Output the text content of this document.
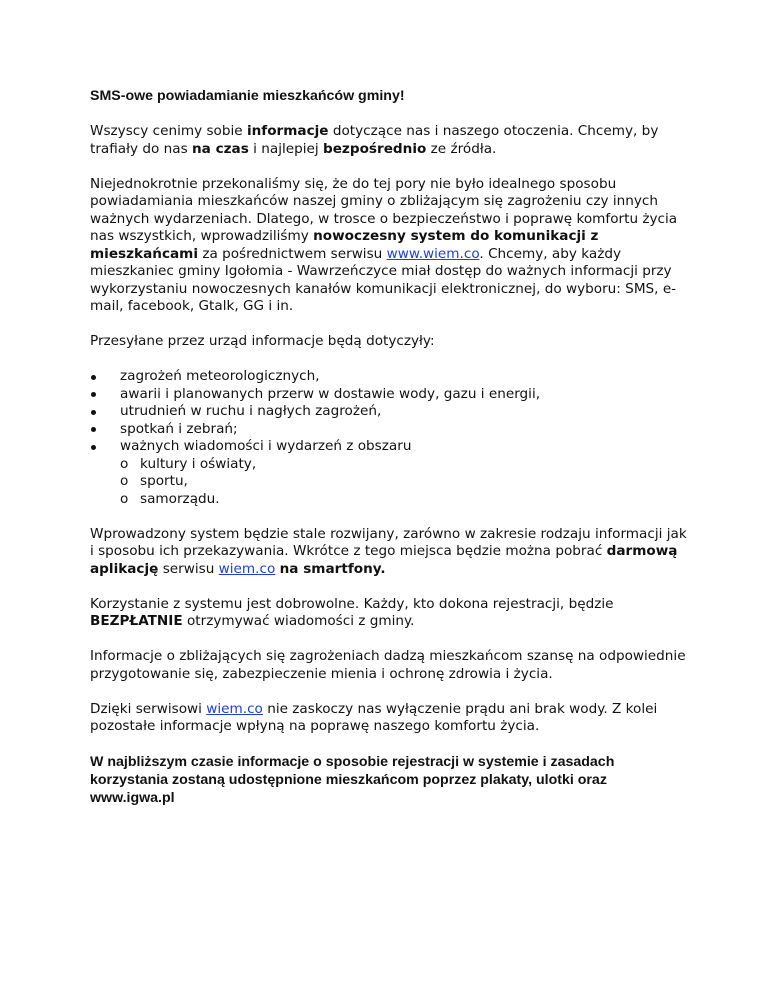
SMS-owe powiadamianie mieszkańców gminy!

Wszyscy cenimy sobie informacje dotyczące nas i naszego otoczenia. Chcemy, by trafiały do nas na czas i najlepiej bezpośrednio ze źródła.

Niejednokrotnie przekonaliśmy się, że do tej pory nie było idealnego sposobu powiadamiania mieszkańców naszej gminy o zbliżającym się zagrożeniu czy innych ważnych wydarzeniach. Dlatego, w trosce o bezpieczeństwo i poprawę komfortu życia nas wszystkich, wprowadziliśmy nowoczesny system do komunikacji z mieszkańcami za pośrednictwem serwisu www.wiem.co. Chcemy, aby każdy mieszkaniec gminy Igołomia - Wawrzeńczyce miał dostęp do ważnych informacji przy wykorzystaniu nowoczesnych kanałów komunikacji elektronicznej, do wyboru: SMS, e-mail, facebook, Gtalk, GG i in.

Przesyłane przez urząd informacje będą dotyczyły:

zagrożeń meteorologicznych,
awarii i planowanych przerw w dostawie wody, gazu i energii,
utrudnień w ruchu i nagłych zagrożeń,
spotkań i zebrań;
ważnych wiadomości i wydarzeń z obszaru
o kultury i oświaty,
o sportu,
o samorządu.

Wprowadzony system będzie stale rozwijany, zarówno w zakresie rodzaju informacji jak i sposobu ich przekazywania. Wkrótce z tego miejsca będzie można pobrać darmową aplikację serwisu wiem.co na smartfony.

Korzystanie z systemu jest dobrowolne. Każdy, kto dokona rejestracji, będzie BEZPŁATNIE otrzymywać wiadomości z gminy.

Informacje o zbliżających się zagrożeniach dadzą mieszkańcom szansę na odpowiednie przygotowanie się, zabezpieczenie mienia i ochronę zdrowia i życia.

Dzięki serwisowi wiem.co nie zaskoczy nas wyłączenie prądu ani brak wody. Z kolei pozostałe informacje wpłyną na poprawę naszego komfortu życia.

W najbliższym czasie informacje o sposobie rejestracji w systemie i zasadach korzystania zostaną udostępnione mieszkańcom poprzez plakaty, ulotki oraz www.igwa.pl
